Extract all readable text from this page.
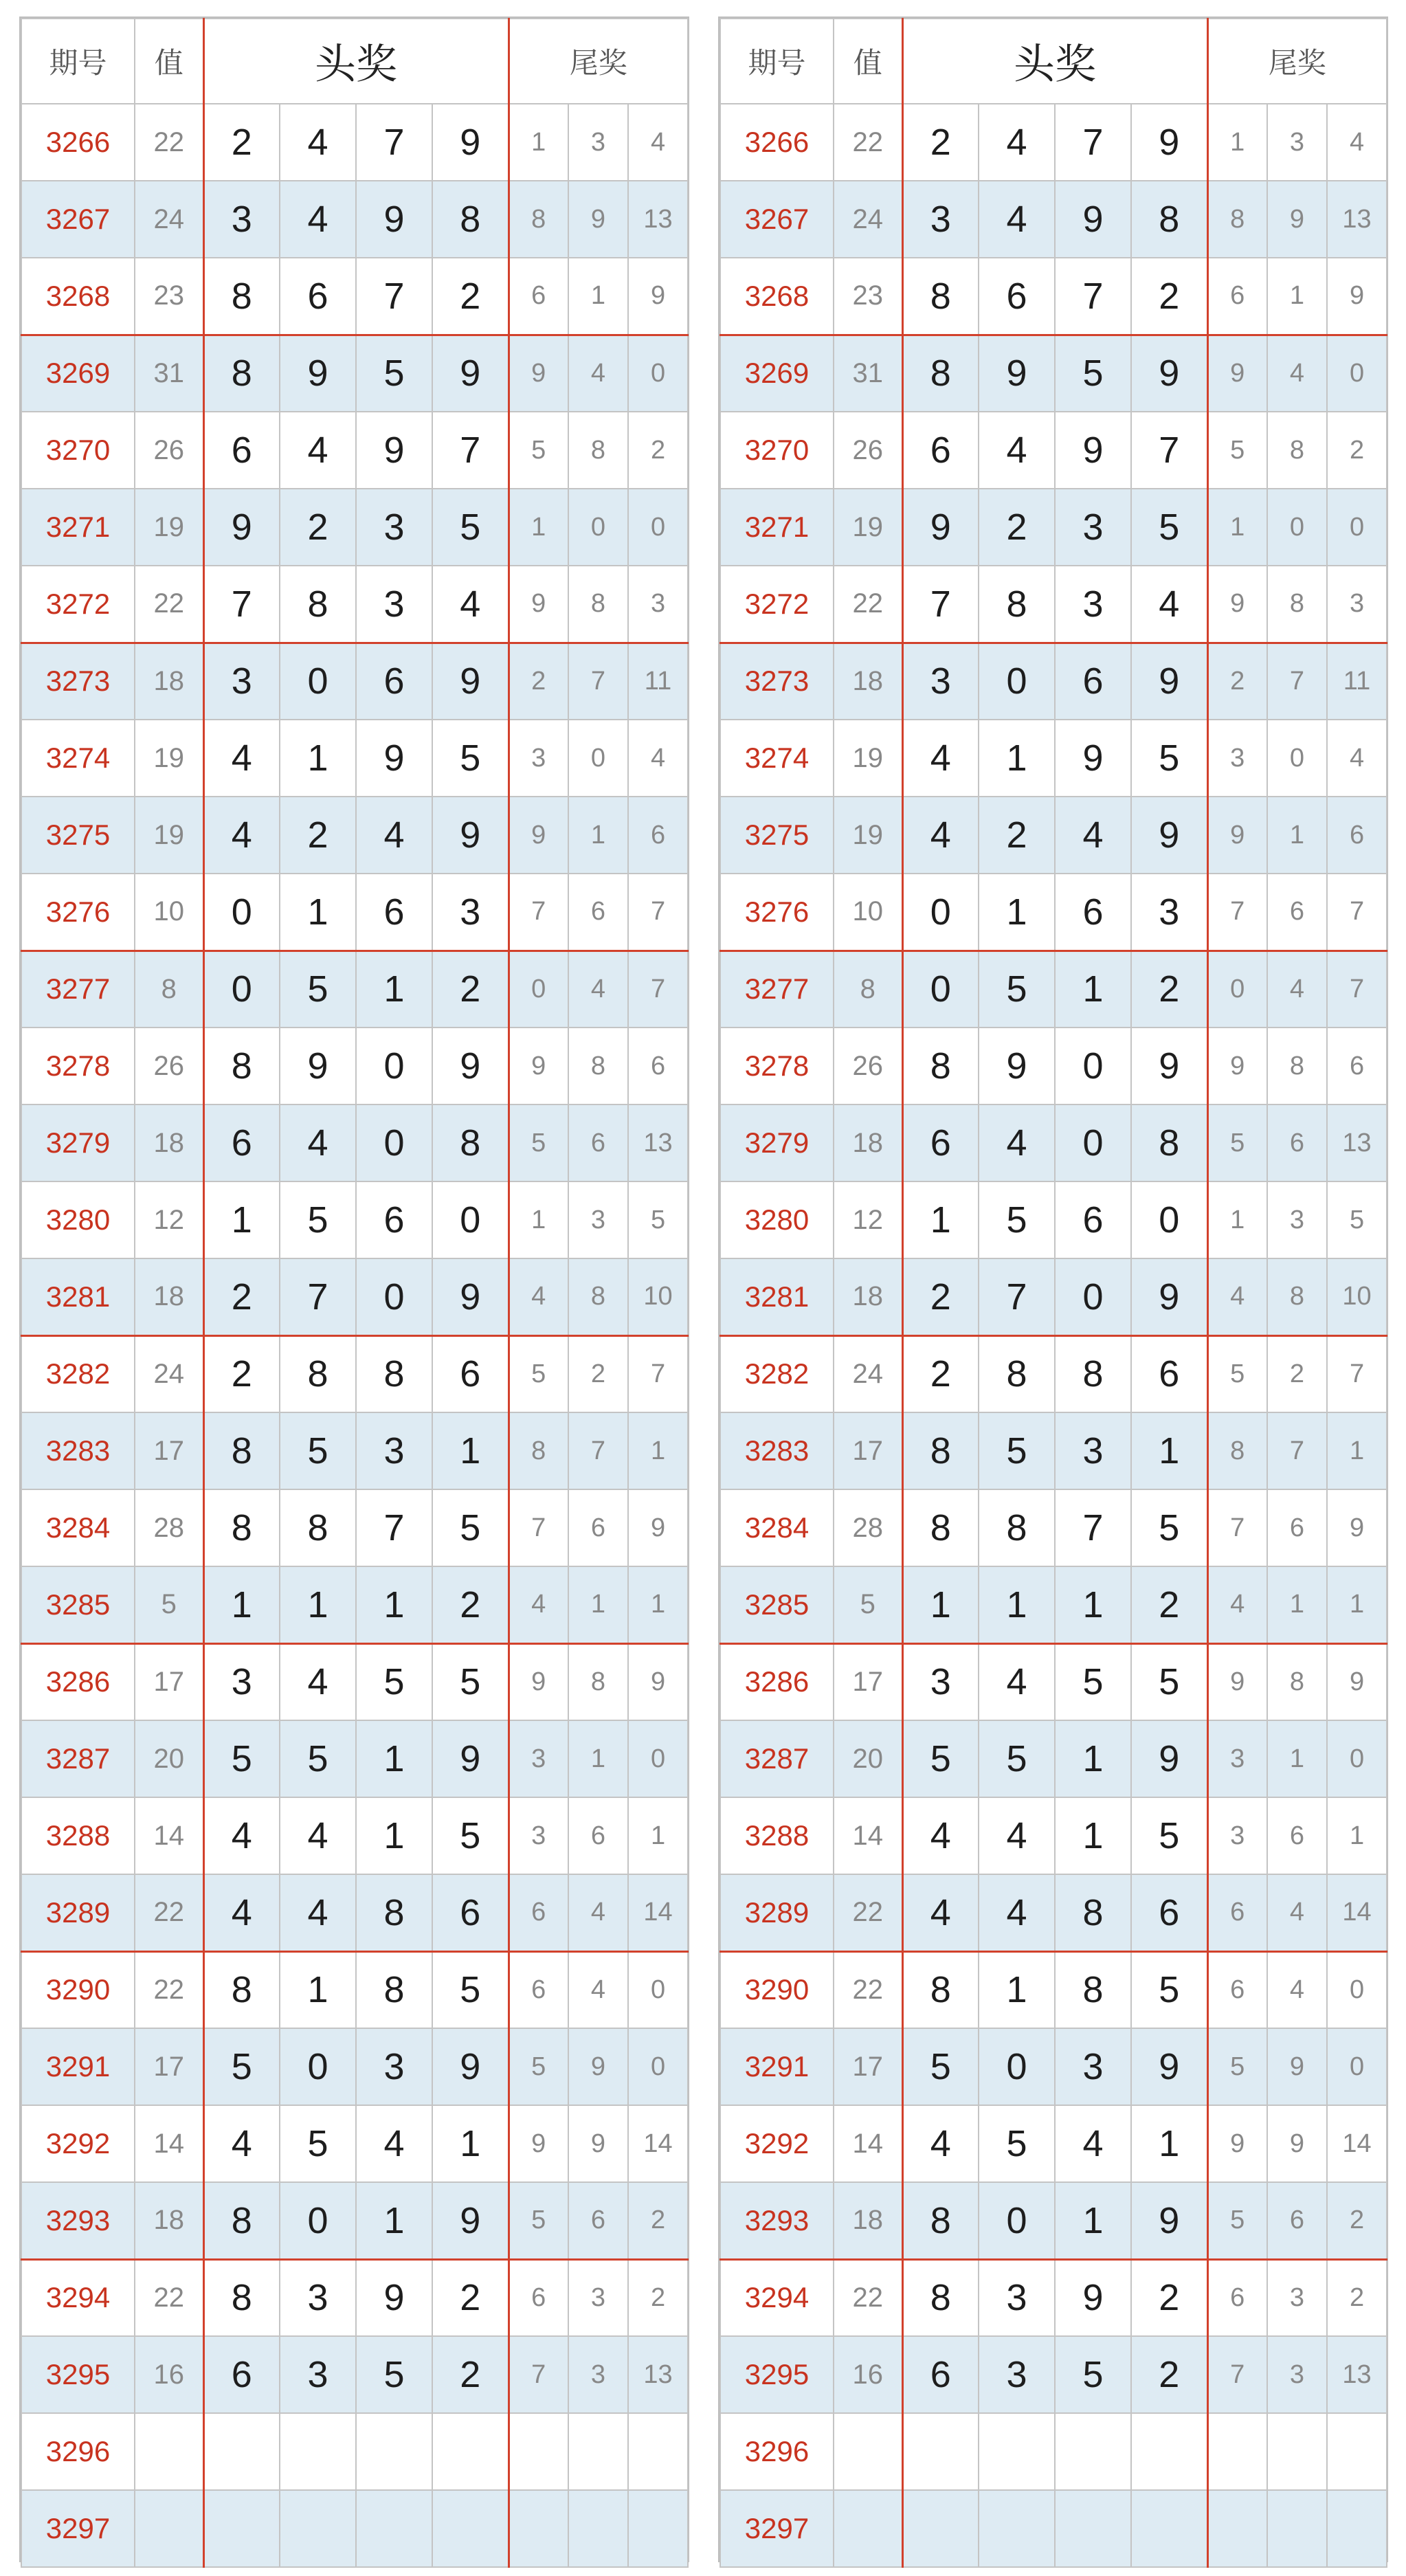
期号	值	头奖				尾奖		
3266	22	2	4	7	9	1	3	4
3267	24	3	4	9	8	8	9	13
3268	23	8	6	7	2	6	1	9
3269	31	8	9	5	9	9	4	0
3270	26	6	4	9	7	5	8	2
3271	19	9	2	3	5	1	0	0
3272	22	7	8	3	4	9	8	3
3273	18	3	0	6	9	2	7	11
3274	19	4	1	9	5	3	0	4
3275	19	4	2	4	9	9	1	6
3276	10	0	1	6	3	7	6	7
3277	8	0	5	1	2	0	4	7
3278	26	8	9	0	9	9	8	6
3279	18	6	4	0	8	5	6	13
3280	12	1	5	6	0	1	3	5
3281	18	2	7	0	9	4	8	10
3282	24	2	8	8	6	5	2	7
3283	17	8	5	3	1	8	7	1
3284	28	8	8	7	5	7	6	9
3285	5	1	1	1	2	4	1	1
3286	17	3	4	5	5	9	8	9
3287	20	5	5	1	9	3	1	0
3288	14	4	4	1	5	3	6	1
3289	22	4	4	8	6	6	4	14
3290	22	8	1	8	5	6	4	0
3291	17	5	0	3	9	5	9	0
3292	14	4	5	4	1	9	9	14
3293	18	8	0	1	9	5	6	2
3294	22	8	3	9	2	6	3	2
3295	16	6	3	5	2	7	3	13
3296								
3297								
期号	值	头奖				尾奖		
3266	22	2	4	7	9	1	3	4
3267	24	3	4	9	8	8	9	13
3268	23	8	6	7	2	6	1	9
3269	31	8	9	5	9	9	4	0
3270	26	6	4	9	7	5	8	2
3271	19	9	2	3	5	1	0	0
3272	22	7	8	3	4	9	8	3
3273	18	3	0	6	9	2	7	11
3274	19	4	1	9	5	3	0	4
3275	19	4	2	4	9	9	1	6
3276	10	0	1	6	3	7	6	7
3277	8	0	5	1	2	0	4	7
3278	26	8	9	0	9	9	8	6
3279	18	6	4	0	8	5	6	13
3280	12	1	5	6	0	1	3	5
3281	18	2	7	0	9	4	8	10
3282	24	2	8	8	6	5	2	7
3283	17	8	5	3	1	8	7	1
3284	28	8	8	7	5	7	6	9
3285	5	1	1	1	2	4	1	1
3286	17	3	4	5	5	9	8	9
3287	20	5	5	1	9	3	1	0
3288	14	4	4	1	5	3	6	1
3289	22	4	4	8	6	6	4	14
3290	22	8	1	8	5	6	4	0
3291	17	5	0	3	9	5	9	0
3292	14	4	5	4	1	9	9	14
3293	18	8	0	1	9	5	6	2
3294	22	8	3	9	2	6	3	2
3295	16	6	3	5	2	7	3	13
3296								
3297								
